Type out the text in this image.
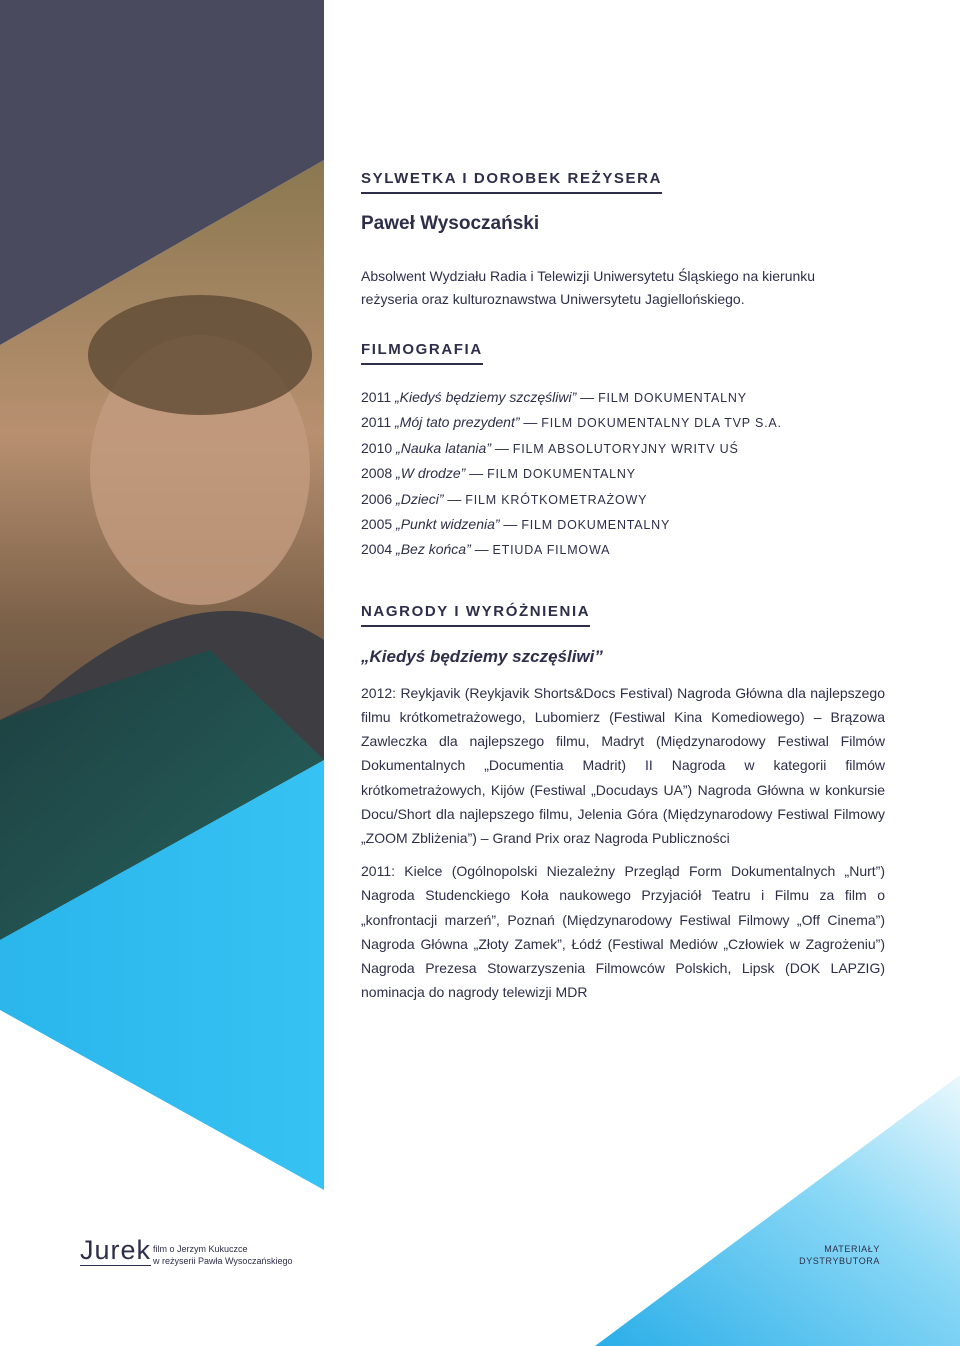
SYLWETKA I DOROBEK REŻYSERA
Paweł Wysoczański
Absolwent Wydziału Radia i Telewizji Uniwersytetu Śląskiego na kierunku
reżyseria oraz kulturoznawstwa Uniwersytetu Jagiellońskiego.
FILMOGRAFIA
2011 „Kiedyś będziemy szczęśliwi” — FILM DOKUMENTALNY
2011 „Mój tato prezydent” — FILM DOKUMENTALNY DLA TVP S.A.
2010 „Nauka latania” — FILM ABSOLUTORYJNY WRITV UŚ
2008 „W drodze” — FILM DOKUMENTALNY
2006 „Dzieci” — FILM KRÓTKOMETRAŻOWY
2005 „Punkt widzenia” — FILM DOKUMENTALNY
2004 „Bez końca” — ETIUDA FILMOWA
NAGRODY I WYRÓŻNIENIA
„Kiedyś będziemy szczęśliwi”

2012: Reykjavik (Reykjavik Shorts&Docs Festival) Nagroda Główna dla najlepszego filmu krótkometrażowego, Lubomierz (Festiwal Kina Komediowego) – Brązowa Zawleczka dla najlepszego filmu, Madryt (Międzynarodowy Festiwal Filmów Dokumentalnych „Documentia Madrit) II Nagroda w kategorii filmów krótkometrażowych, Kijów (Festiwal „Docudays UA”) Nagroda Główna w konkursie Docu/Short dla najlepszego filmu, Jelenia Góra (Międzynarodowy Festiwal Filmowy „ZOOM Zbliżenia”) – Grand Prix oraz Nagroda Publiczności

2011: Kielce (Ogólnopolski Niezależny Przegląd Form Dokumentalnych „Nurt”) Nagroda Studenckiego Koła naukowego Przyjaciół Teatru i Filmu za film o „konfrontacji marzeń”, Poznań (Międzynarodowy Festiwal Filmowy „Off Cinema”) Nagroda Główna „Złoty Zamek”, Łódź (Festiwal Mediów „Człowiek w Zagrożeniu”) Nagroda Prezesa Stowarzyszenia Filmowców Polskich, Lipsk (DOK LAPZIG) nominacja do nagrody telewizji MDR

Jurek film o Jerzym Kukuczce
w reżyserii Pawła Wysoczańskiego
MATERIAŁY
DYSTRYBUTORA
